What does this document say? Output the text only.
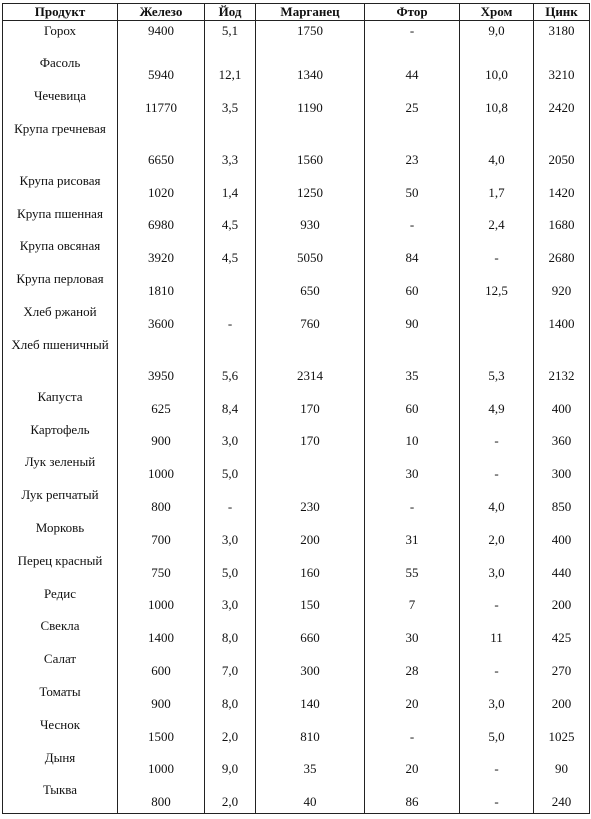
Продукт	Железо	Йод	Марганец	Фтор	Хром	Цинк
Горох	9400	5,1	1750	-	9,0	3180
Фасоль	5940	12,1	1340	44	10,0	3210
Чечевица	11770	3,5	1190	25	10,8	2420
Крупа гречневая	6650	3,3	1560	23	4,0	2050
Крупа рисовая	1020	1,4	1250	50	1,7	1420
Крупа пшенная	6980	4,5	930	-	2,4	1680
Крупа овсяная	3920	4,5	5050	84	-	2680
Крупа перловая	1810		650	60	12,5	920
Хлеб ржаной	3600	-	760	90		1400
Хлеб пшеничный	3950	5,6	2314	35	5,3	2132
Капуста	625	8,4	170	60	4,9	400
Картофель	900	3,0	170	10	-	360
Лук зеленый	1000	5,0		30	-	300
Лук репчатый	800	-	230	-	4,0	850
Морковь	700	3,0	200	31	2,0	400
Перец красный	750	5,0	160	55	3,0	440
Редис	1000	3,0	150	7	-	200
Свекла	1400	8,0	660	30	11	425
Салат	600	7,0	300	28	-	270
Томаты	900	8,0	140	20	3,0	200
Чеснок	1500	2,0	810	-	5,0	1025
Дыня	1000	9,0	35	20	-	90
Тыква	800	2,0	40	86	-	240
